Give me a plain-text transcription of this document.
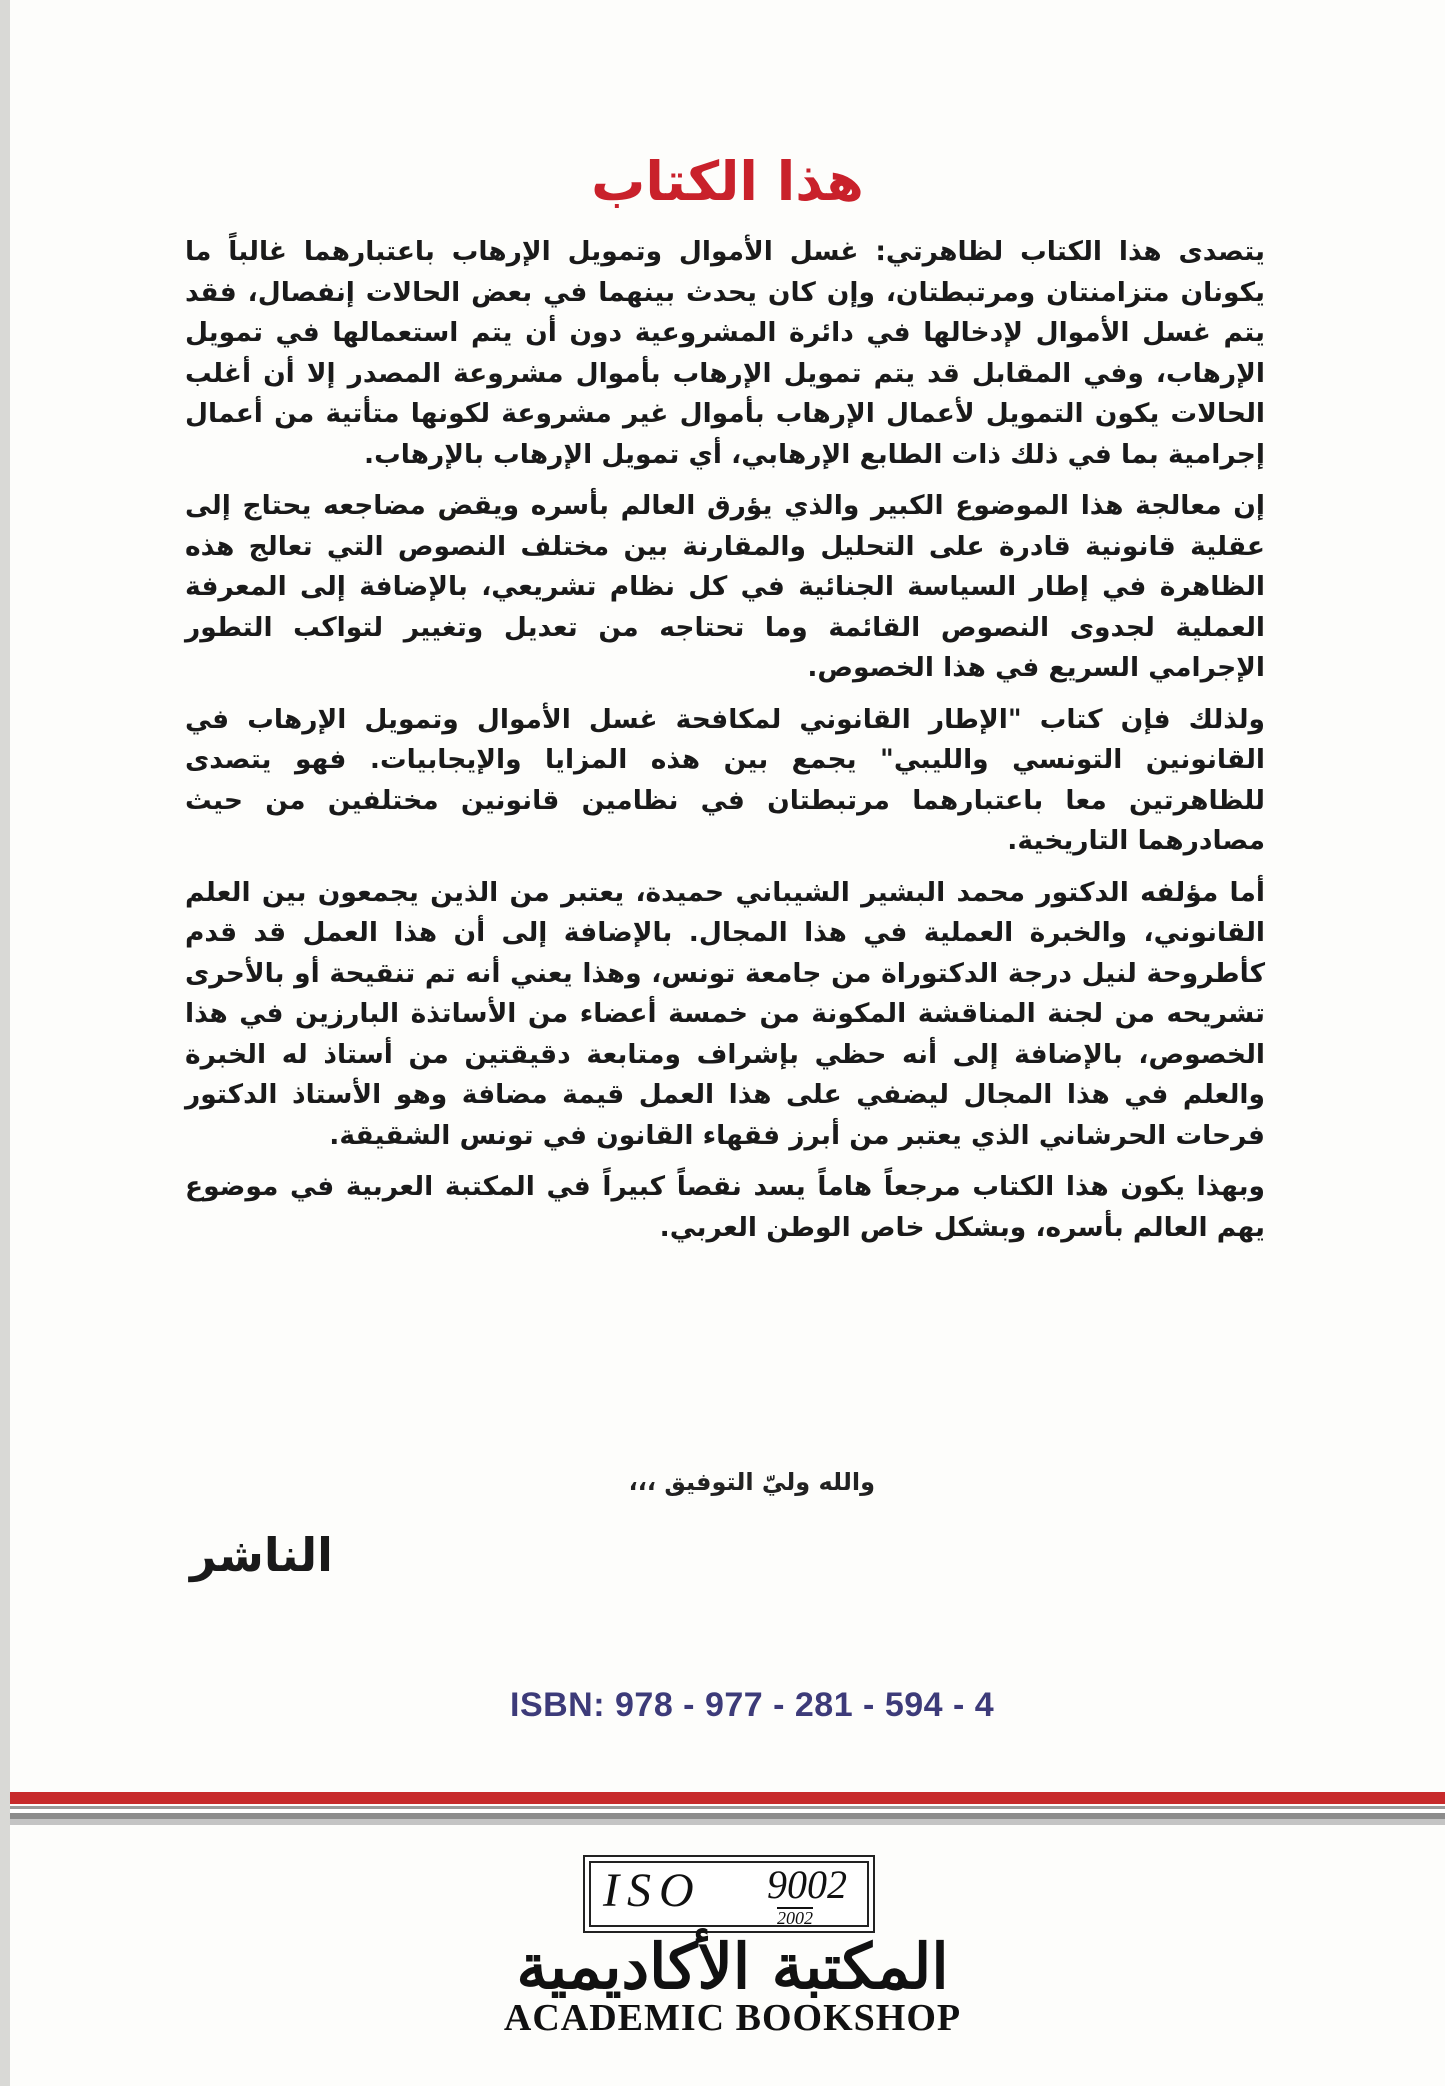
هذا الكتاب

يتصدى هذا الكتاب لظاهرتي: غسل الأموال وتمويل الإرهاب باعتبارهما غالباً ما يكونان متزامنتان ومرتبطتان، وإن كان يحدث بينهما في بعض الحالات إنفصال، فقد يتم غسل الأموال لإدخالها في دائرة المشروعية دون أن يتم استعمالها في تمويل الإرهاب، وفي المقابل قد يتم تمويل الإرهاب بأموال مشروعة المصدر إلا أن أغلب الحالات يكون التمويل لأعمال الإرهاب بأموال غير مشروعة لكونها متأتية من أعمال إجرامية بما في ذلك ذات الطابع الإرهابي، أي تمويل الإرهاب بالإرهاب.

إن معالجة هذا الموضوع الكبير والذي يؤرق العالم بأسره ويقض مضاجعه يحتاج إلى عقلية قانونية قادرة على التحليل والمقارنة بين مختلف النصوص التي تعالج هذه الظاهرة في إطار السياسة الجنائية في كل نظام تشريعي، بالإضافة إلى المعرفة العملية لجدوى النصوص القائمة وما تحتاجه من تعديل وتغيير لتواكب التطور الإجرامي السريع في هذا الخصوص.

ولذلك فإن كتاب "الإطار القانوني لمكافحة غسل الأموال وتمويل الإرهاب في القانونين التونسي والليبي" يجمع بين هذه المزايا والإيجابيات. فهو يتصدى للظاهرتين معا باعتبارهما مرتبطتان في نظامين قانونين مختلفين من حيث مصادرهما التاريخية.

أما مؤلفه الدكتور محمد البشير الشيباني حميدة، يعتبر من الذين يجمعون بين العلم القانوني، والخبرة العملية في هذا المجال. بالإضافة إلى أن هذا العمل قد قدم كأطروحة لنيل درجة الدكتوراة من جامعة تونس، وهذا يعني أنه تم تنقيحة أو بالأحرى تشريحه من لجنة المناقشة المكونة من خمسة أعضاء من الأساتذة البارزين في هذا الخصوص، بالإضافة إلى أنه حظي بإشراف ومتابعة دقيقتين من أستاذ له الخبرة والعلم في هذا المجال ليضفي على هذا العمل قيمة مضافة وهو الأستاذ الدكتور فرحات الحرشاني الذي يعتبر من أبرز فقهاء القانون في تونس الشقيقة.

وبهذا يكون هذا الكتاب مرجعاً هاماً يسد نقصاً كبيراً في المكتبة العربية في موضوع يهم العالم بأسره، وبشكل خاص الوطن العربي.

والله وليّ التوفيق ،،،
الناشر
ISBN: 978 - 977 - 281 - 594 - 4
ISO 9002
2002
المكتبة الأكاديمية
ACADEMIC BOOKSHOP
